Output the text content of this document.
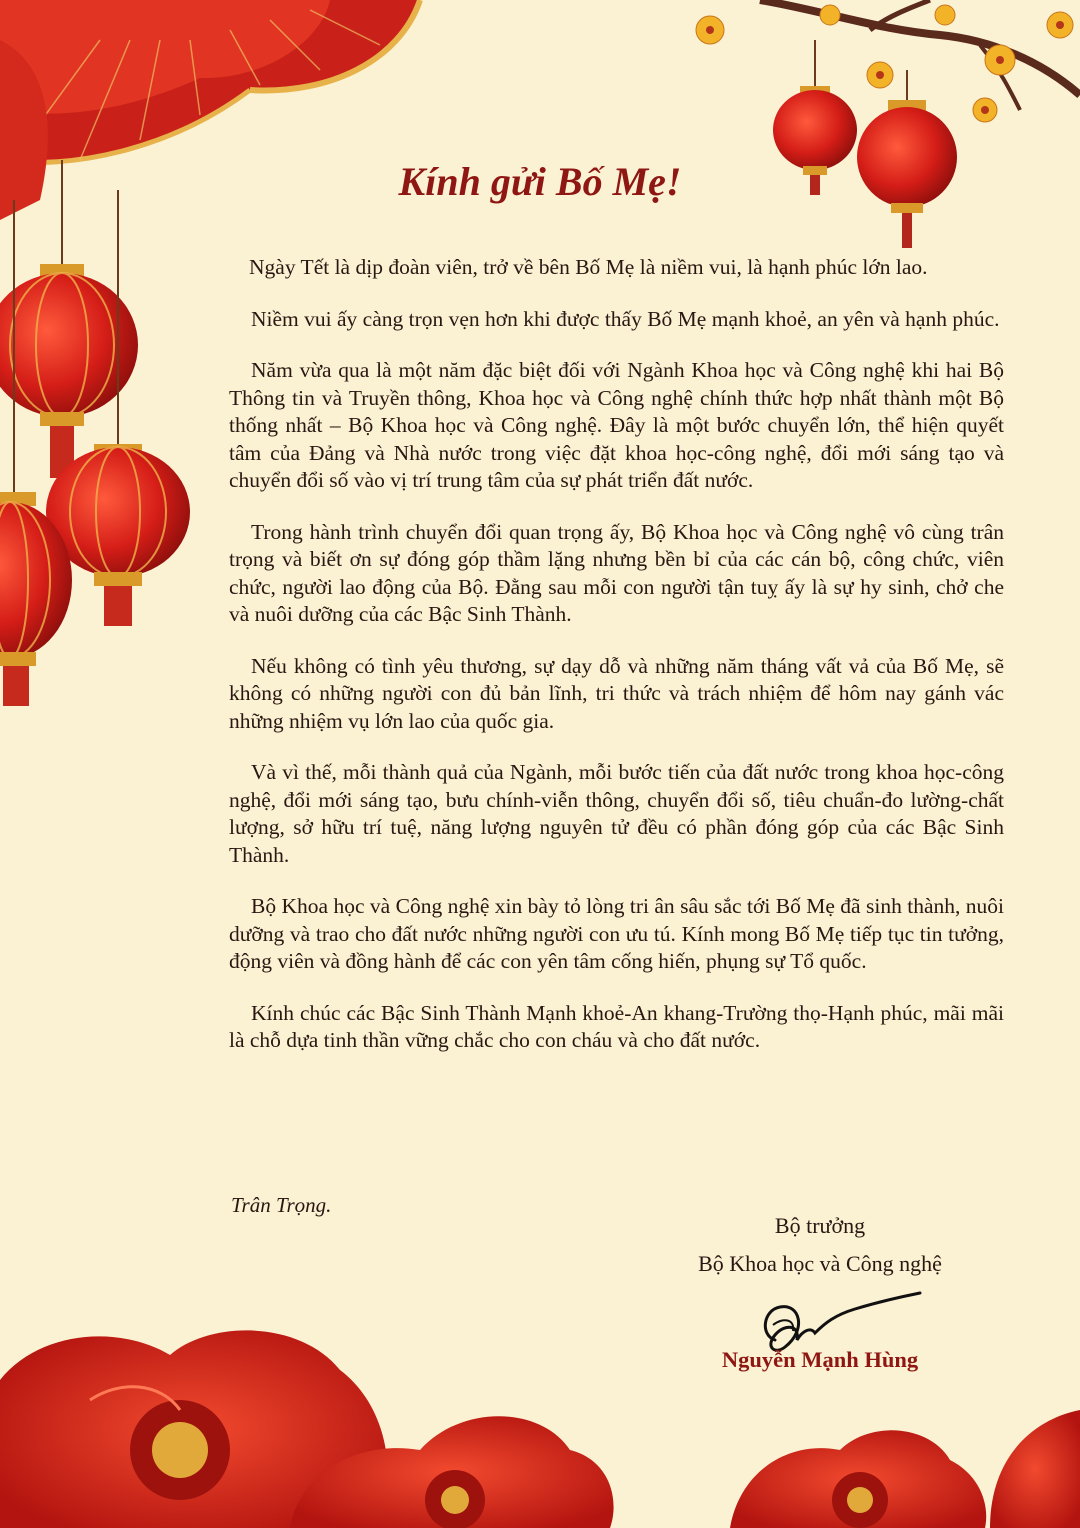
Kính gửi Bố Mẹ!

Ngày Tết là dịp đoàn viên, trở về bên Bố Mẹ là niềm vui, là hạnh phúc lớn lao.

Niềm vui ấy càng trọn vẹn hơn khi được thấy Bố Mẹ mạnh khoẻ, an yên và hạnh phúc.

Năm vừa qua là một năm đặc biệt đối với Ngành Khoa học và Công nghệ khi hai Bộ Thông tin và Truyền thông, Khoa học và Công nghệ chính thức hợp nhất thành một Bộ thống nhất – Bộ Khoa học và Công nghệ. Đây là một bước chuyển lớn, thể hiện quyết tâm của Đảng và Nhà nước trong việc đặt khoa học-công nghệ, đổi mới sáng tạo và chuyển đổi số vào vị trí trung tâm của sự phát triển đất nước.

Trong hành trình chuyển đổi quan trọng ấy, Bộ Khoa học và Công nghệ vô cùng trân trọng và biết ơn sự đóng góp thầm lặng nhưng bền bỉ của các cán bộ, công chức, viên chức, người lao động của Bộ. Đằng sau mỗi con người tận tuỵ ấy là sự hy sinh, chở che và nuôi dưỡng của các Bậc Sinh Thành.

Nếu không có tình yêu thương, sự dạy dỗ và những năm tháng vất vả của Bố Mẹ, sẽ không có những người con đủ bản lĩnh, tri thức và trách nhiệm để hôm nay gánh vác những nhiệm vụ lớn lao của quốc gia.

Và vì thế, mỗi thành quả của Ngành, mỗi bước tiến của đất nước trong khoa học-công nghệ, đổi mới sáng tạo, bưu chính-viễn thông, chuyển đổi số, tiêu chuẩn-đo lường-chất lượng, sở hữu trí tuệ, năng lượng nguyên tử đều có phần đóng góp của các Bậc Sinh Thành.

Bộ Khoa học và Công nghệ xin bày tỏ lòng tri ân sâu sắc tới Bố Mẹ đã sinh thành, nuôi dưỡng và trao cho đất nước những người con ưu tú. Kính mong Bố Mẹ tiếp tục tin tưởng, động viên và đồng hành để các con yên tâm cống hiến, phụng sự Tổ quốc.

Kính chúc các Bậc Sinh Thành Mạnh khoẻ-An khang-Trường thọ-Hạnh phúc, mãi mãi là chỗ dựa tinh thần vững chắc cho con cháu và cho đất nước.

Trân Trọng.

Bộ trưởng
Bộ Khoa học và Công nghệ
Nguyễn Mạnh Hùng
